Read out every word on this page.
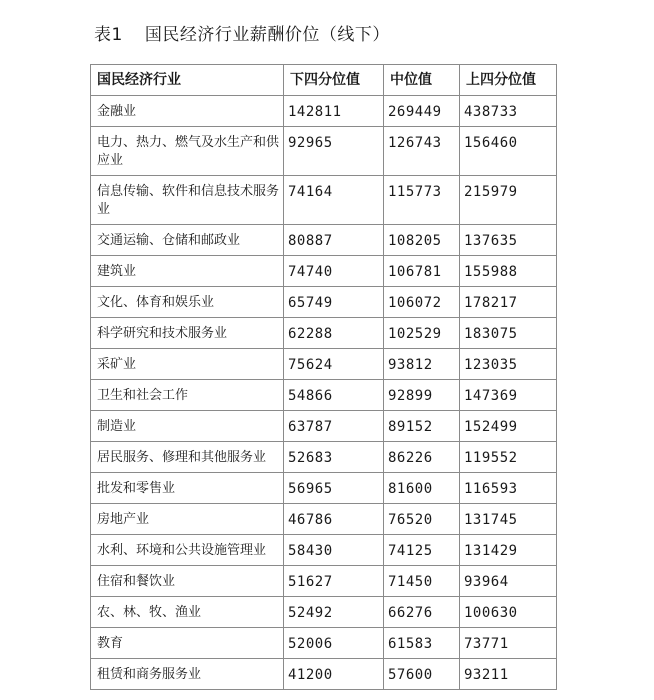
表1 国民经济行业薪酬价位（线下）
国民经济行业	下四分位值	中位值	上四分位值
金融业	142811	269449	438733
电力、热力、燃气及水生产和供应业	92965	126743	156460
信息传输、软件和信息技术服务业	74164	115773	215979
交通运输、仓储和邮政业	80887	108205	137635
建筑业	74740	106781	155988
文化、体育和娱乐业	65749	106072	178217
科学研究和技术服务业	62288	102529	183075
采矿业	75624	93812	123035
卫生和社会工作	54866	92899	147369
制造业	63787	89152	152499
居民服务、修理和其他服务业	52683	86226	119552
批发和零售业	56965	81600	116593
房地产业	46786	76520	131745
水利、环境和公共设施管理业	58430	74125	131429
住宿和餐饮业	51627	71450	93964
农、林、牧、渔业	52492	66276	100630
教育	52006	61583	73771
租赁和商务服务业	41200	57600	93211
